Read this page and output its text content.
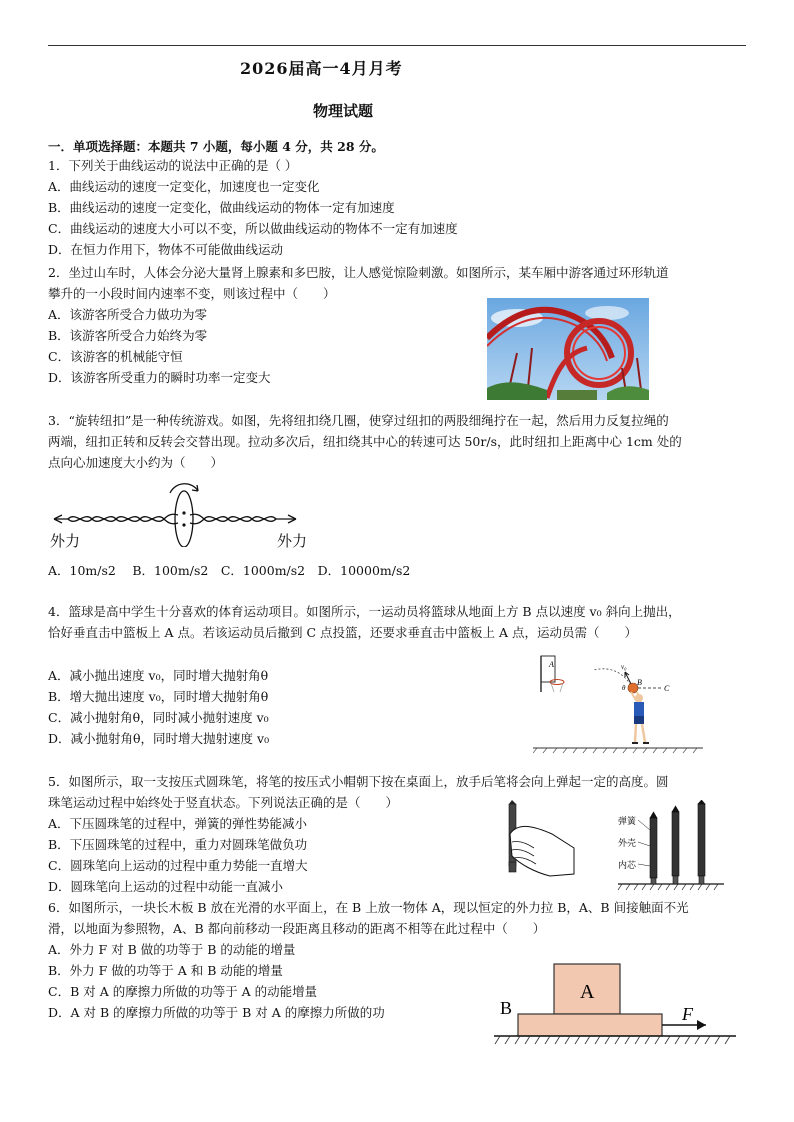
2026届高一4月月考
物理试题
一．单项选择题：本题共 7 小题，每小题 4 分，共 28 分。
1．下列关于曲线运动的说法中正确的是（ ）
A．曲线运动的速度一定变化，加速度也一定变化
B．曲线运动的速度一定变化，做曲线运动的物体一定有加速度
C．曲线运动的速度大小可以不变，所以做曲线运动的物体不一定有加速度
D．在恒力作用下，物体不可能做曲线运动
2．坐过山车时，人体会分泌大量肾上腺素和多巴胺，让人感觉惊险刺激。如图所示，某车厢中游客通过环形轨道
攀升的一小段时间内速率不变，则该过程中（　　）
A．该游客所受合力做功为零
B．该游客所受合力始终为零
C．该游客的机械能守恒
D．该游客所受重力的瞬时功率一定变大
3．“旋转纽扣”是一种传统游戏。如图，先将纽扣绕几圈，使穿过纽扣的两股细绳拧在一起，然后用力反复拉绳的
两端，纽扣正转和反转会交替出现。拉动多次后，纽扣绕其中心的转速可达 50r/s，此时纽扣上距离中心 1cm 处的
点向心加速度大小约为（　　）
外力	外力
A．10m/s2　 B．100m/s2　C．1000m/s2　D．10000m/s2
4．篮球是高中学生十分喜欢的体育运动项目。如图所示，一运动员将篮球从地面上方 B 点以速度 v₀ 斜向上抛出，
恰好垂直击中篮板上 A 点。若该运动员后撤到 C 点投篮，还要求垂直击中篮板上 A 点，运动员需（　　）
A．减小抛出速度 v₀，同时增大抛射角θ
B．增大抛出速度 v₀，同时增大抛射角θ
C．减小抛射角θ，同时减小抛射速度 v₀
D．减小抛射角θ，同时增大抛射速度 v₀
A
B
C
v₀
θ
5．如图所示，取一支按压式圆珠笔，将笔的按压式小帽朝下按在桌面上，放手后笔将会向上弹起一定的高度。圆
珠笔运动过程中始终处于竖直状态。下列说法正确的是（　　）
A．下压圆珠笔的过程中，弹簧的弹性势能减小
B．下压圆珠笔的过程中，重力对圆珠笔做负功
C．圆珠笔向上运动的过程中重力势能一直增大
D．圆珠笔向上运动的过程中动能一直减小
弹簧
外壳
内芯
6．如图所示，一块长木板 B 放在光滑的水平面上，在 B 上放一物体 A，现以恒定的外力拉 B，A、B 间接触面不光
滑，以地面为参照物，A、B 都向前移动一段距离且移动的距离不相等在此过程中（　　）
A．外力 F 对 B 做的功等于 B 的动能的增量
B．外力 F 做的功等于 A 和 B 动能的增量
C．B 对 A 的摩擦力所做的功等于 A 的动能增量
D．A 对 B 的摩擦力所做的功等于 B 对 A 的摩擦力所做的功
A
B	F
